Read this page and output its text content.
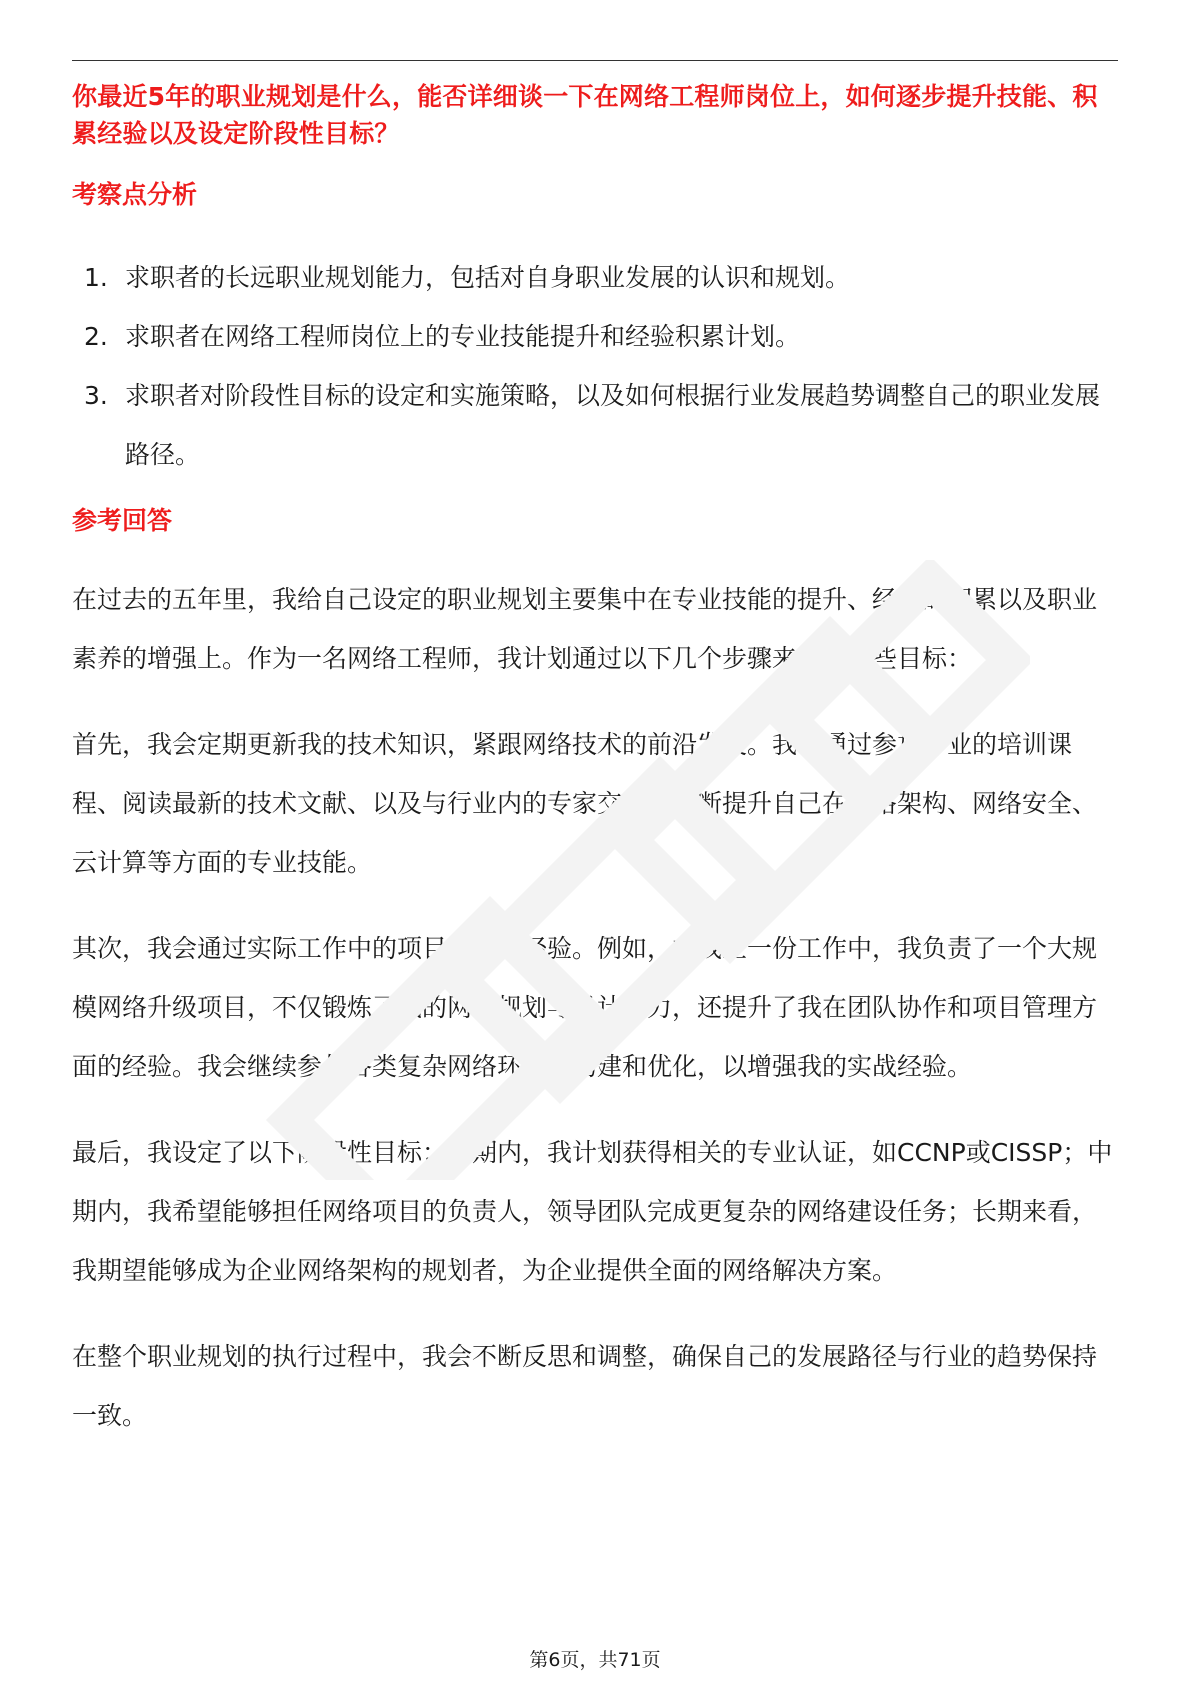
你最近5年的职业规划是什么，能否详细谈一下在网络工程师岗位上，如何逐步提升技能、积累经验以及设定阶段性目标？

考察点分析
1. 求职者的长远职业规划能力，包括对自身职业发展的认识和规划。
2. 求职者在网络工程师岗位上的专业技能提升和经验积累计划。
3. 求职者对阶段性目标的设定和实施策略，以及如何根据行业发展趋势调整自己的职业发展路径。
参考回答

在过去的五年里，我给自己设定的职业规划主要集中在专业技能的提升、经验的积累以及职业素养的增强上。作为一名网络工程师，我计划通过以下几个步骤来实现这些目标：

首先，我会定期更新我的技术知识，紧跟网络技术的前沿发展。我会通过参加专业的培训课程、阅读最新的技术文献、以及与行业内的专家交流，不断提升自己在网络架构、网络安全、云计算等方面的专业技能。

其次，我会通过实际工作中的项目来积累经验。例如，在我上一份工作中，我负责了一个大规模网络升级项目，不仅锻炼了我的网络规划与设计能力，还提升了我在团队协作和项目管理方面的经验。我会继续参与各类复杂网络环境的构建和优化，以增强我的实战经验。

最后，我设定了以下阶段性目标：短期内，我计划获得相关的专业认证，如CCNP或CISSP；中期内，我希望能够担任网络项目的负责人，领导团队完成更复杂的网络建设任务；长期来看，我期望能够成为企业网络架构的规划者，为企业提供全面的网络解决方案。

在整个职业规划的执行过程中，我会不断反思和调整，确保自己的发展路径与行业的趋势保持一致。

第6页，共71页
